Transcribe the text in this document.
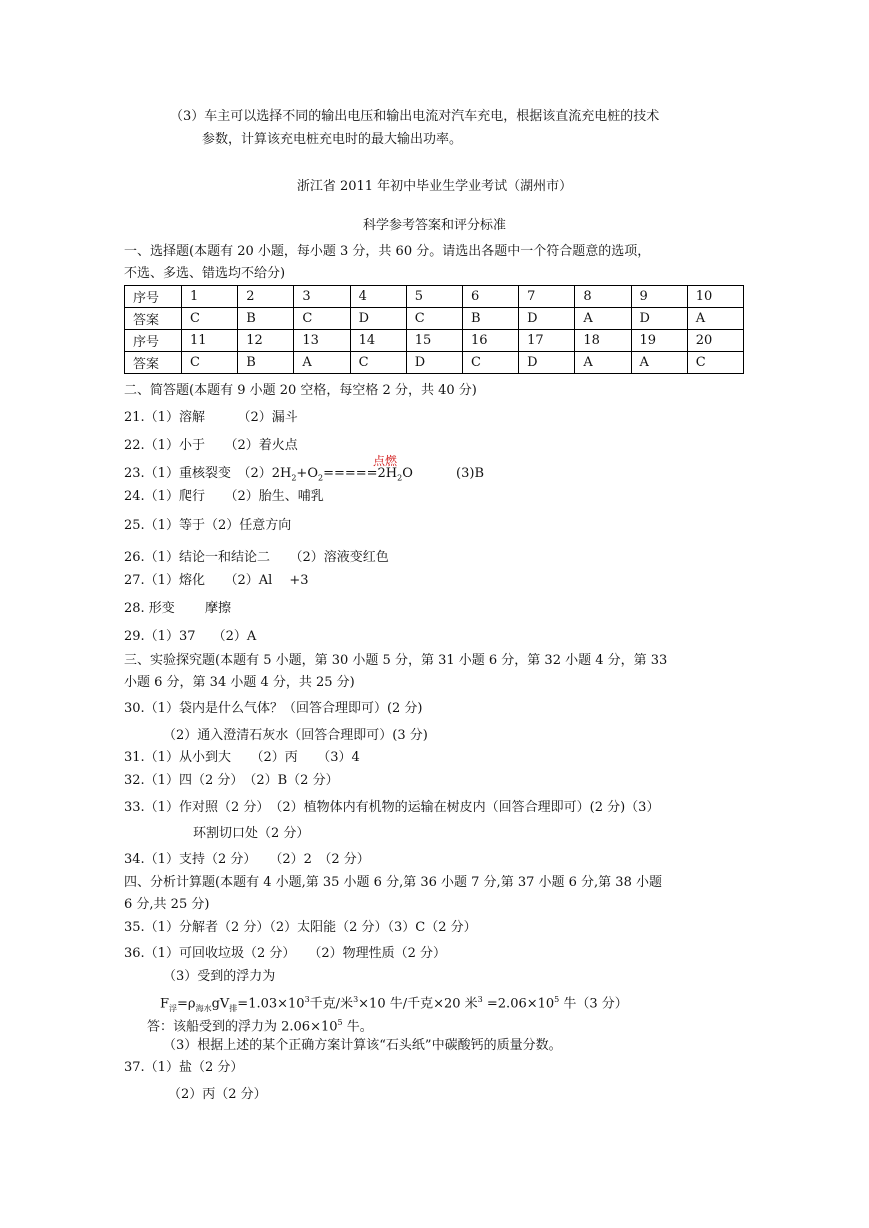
（3）车主可以选择不同的输出电压和输出电流对汽车充电，根据该直流充电桩的技术
参数，计算该充电桩充电时的最大输出功率。
浙江省 2011 年初中毕业生学业考试（湖州市）
科学参考答案和评分标准
一、选择题(本题有 20 小题，每小题 3 分，共 60 分。请选出各题中一个符合题意的选项，
不选、多选、错选均不给分)
序号	1	2	3	4	5	6	7	8	9	10
答案	C	B	C	D	C	B	D	A	D	A
序号	11	12	13	14	15	16	17	18	19	20
答案	C	B	A	C	D	C	D	A	A	C
二、简答题(本题有 9 小题 20 空格，每空格 2 分，共 40 分)
21.（1）溶解　　　（2）漏斗
22.（1）小于　　（2）着火点
23.（1）重核裂变　$(2)2H_2+O_2=====2H_2O$　　　 (3)B
点燃
24.（1）爬行　　（2）胎生、哺乳
25.（1）等于（2）任意方向
26.（1）结论一和结论二　　（2）溶液变红色
27.（1）熔化　　（2）Al　 +3
28. 形变　　 摩擦
29.（1）37　 （2）A
三、实验探究题(本题有 5 小题，第 30 小题 5 分，第 31 小题 6 分，第 32 小题 4 分，第 33
小题 6 分，第 34 小题 4 分，共 25 分)
30.（1）袋内是什么气体？（回答合理即可）(2 分)
（2）通入澄清石灰水（回答合理即可）(3 分)
31.（1）从小到大　　（2）丙　　（3）4
32.（1）四（2 分）　（2）B（2 分）
33.（1）作对照（2 分）　（2）植物体内有机物的运输在树皮内（回答合理即可）(2 分)（3）
环割切口处（2 分）
34.（1）支持（2 分）　　（2）2　（2 分）
四、分析计算题(本题有 4 小题,第 35 小题 6 分,第 36 小题 7 分,第 37 小题 6 分,第 38 小题
6 分,共 25 分)
35.（1）分解者（2 分）（2）太阳能（2 分）（3）C（2 分）
36.（1）可回收垃圾（2 分）　　（2）物理性质（2 分）
（3）受到的浮力为
$F_浮=\rho_{海水}gV_排=1.03\times 10^3$千克/米$^3$×10 牛/千克×20 米$^3 =2.06\times 10^5$ 牛（3 分）
答：该船受到的浮力为 $2.06\times 10^5$ 牛。
（3）根据上述的某个正确方案计算该“石头纸”中碳酸钙的质量分数。
37.（1）盐（2 分）
（2）丙（2 分）
